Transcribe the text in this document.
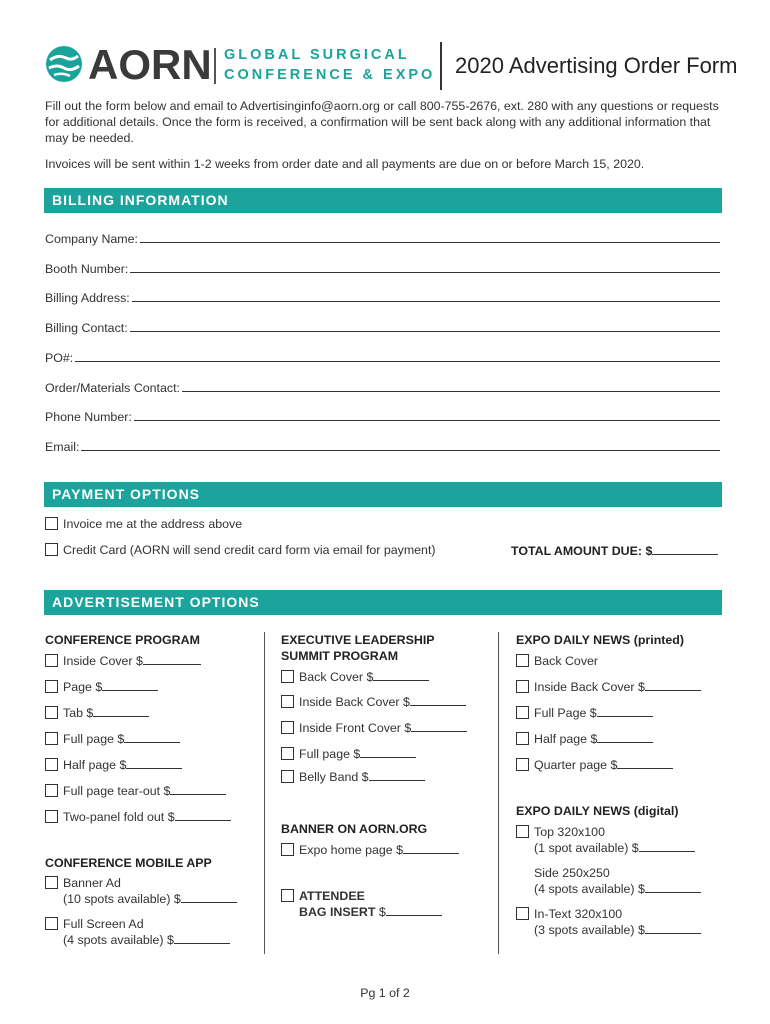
AORN GLOBAL SURGICAL
CONFERENCE & EXPO 2020 Advertising Order Form

Fill out the form below and email to Advertisinginfo@aorn.org or call 800-755-2676, ext. 280 with any questions or requests for additional details. Once the form is received, a confirmation will be sent back along with any additional information that may be needed.

Invoices will be sent within 1-2 weeks from order date and all payments are due on or before March 15, 2020.

BILLING INFORMATION
Company Name:
Booth Number:
Billing Address:
Billing Contact:
PO#:
Order/Materials Contact:
Phone Number:
Email:
PAYMENT OPTIONS
Invoice me at the address above
Credit Card (AORN will send credit card form via email for payment)	TOTAL AMOUNT DUE: $
ADVERTISEMENT OPTIONS
CONFERENCE PROGRAM
Inside Cover $
Page $
Tab $
Full page $
Half page $
Full page tear-out $
Two-panel fold out $
CONFERENCE MOBILE APP
Banner Ad
(10 spots available) $
Full Screen Ad
(4 spots available) $
EXECUTIVE LEADERSHIP
SUMMIT PROGRAM
Back Cover $
Inside Back Cover $
Inside Front Cover $
Full page $
Belly Band $
BANNER ON AORN.ORG
Expo home page $
ATTENDEE
BAG INSERT $
EXPO DAILY NEWS (printed)
Back Cover
Inside Back Cover $
Full Page $
Half page $
Quarter page $
EXPO DAILY NEWS (digital)
Top 320x100
(1 spot available) $
Side 250x250
(4 spots available) $
In-Text 320x100
(3 spots available) $
Pg 1 of 2
